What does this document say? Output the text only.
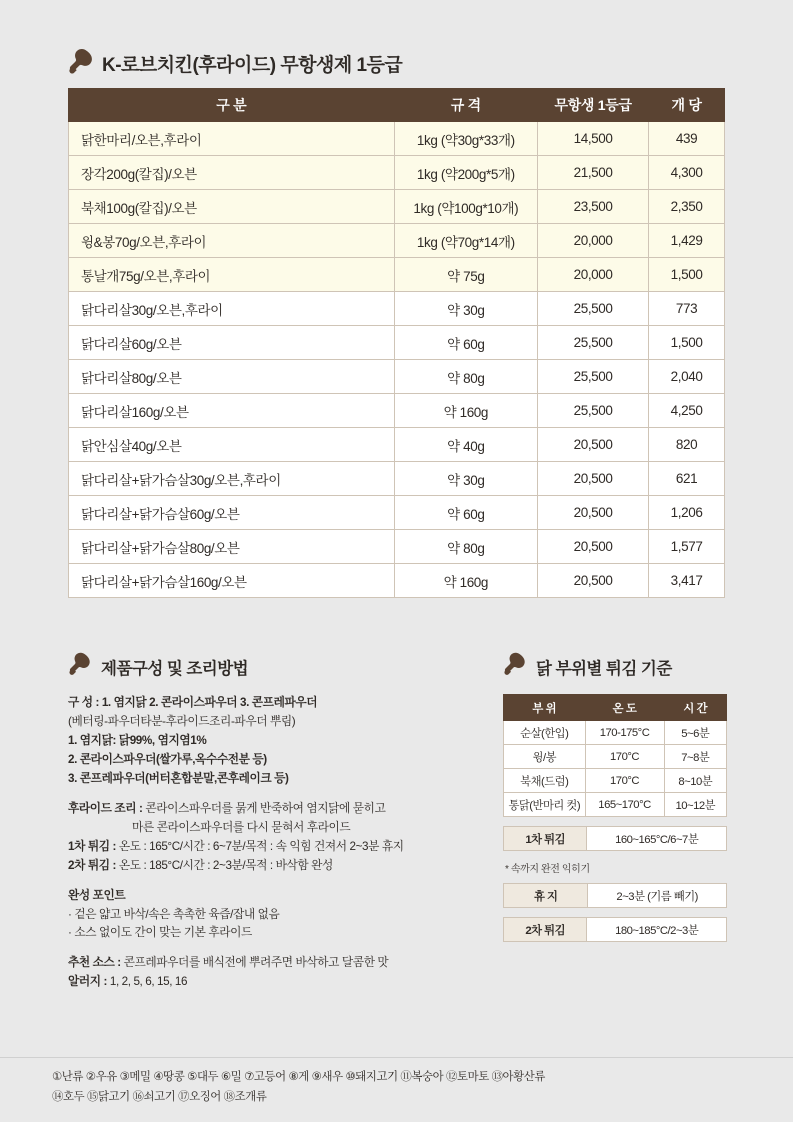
K-로브치킨(후라이드) 무항생제 1등급
구 분	규 격	무항생 1등급	개 당
닭한마리/오븐,후라이	1kg (약30g*33개)	14,500	439
장각200g(칼집)/오븐	1kg (약200g*5개)	21,500	4,300
북채100g(칼집)/오븐	1kg (약100g*10개)	23,500	2,350
윙&봉70g/오븐,후라이	1kg (약70g*14개)	20,000	1,429
통날개75g/오븐,후라이	약 75g	20,000	1,500
닭다리살30g/오븐,후라이	약 30g	25,500	773
닭다리살60g/오븐	약 60g	25,500	1,500
닭다리살80g/오븐	약 80g	25,500	2,040
닭다리살160g/오븐	약 160g	25,500	4,250
닭안심살40g/오븐	약 40g	20,500	820
닭다리살+닭가슴살30g/오븐,후라이	약 30g	20,500	621
닭다리살+닭가슴살60g/오븐	약 60g	20,500	1,206
닭다리살+닭가슴살80g/오븐	약 80g	20,500	1,577
닭다리살+닭가슴살160g/오븐	약 160g	20,500	3,417
제품구성 및 조리방법

구 성 : 1. 염지닭 2. 콘라이스파우더 3. 콘프레파우더

(베터링-파우더타분-후라이드조리-파우더 뿌림)

1. 염지닭: 닭99%, 염지염1%

2. 콘라이스파우더(쌀가루,옥수수전분 등)

3. 콘프레파우더(버터혼합분말,콘후레이크 등)

후라이드 조리 : 콘라이스파우더를 묽게 반죽하여 염지닭에 묻히고

마른 콘라이스파우더를 다시 묻혀서 후라이드

1차 튀김 : 온도 : 165°C/시간 : 6~7분/목적 : 속 익힘 건져서 2~3분 휴지

2차 튀김 : 온도 : 185°C/시간 : 2~3분/목적 : 바삭함 완성

완성 포인트

· 겉은 얇고 바삭/속은 촉촉한 육즙/잡내 없음

· 소스 없이도 간이 맞는 기본 후라이드

추천 소스 : 콘프레파우더를 배식전에 뿌려주면 바삭하고 달콤한 맛

알러지 : 1, 2, 5, 6, 15, 16

닭 부위별 튀김 기준
부 위	온 도	시 간
순살(한입)	170-175°C	5~6분
윙/봉	170°C	7~8분
북채(드럼)	170°C	8~10분
통닭(반마리 컷)	165~170°C	10~12분
1차 튀김	160~165°C/6~7분
* 속까지 완전 익히기
휴 지	2~3분 (기름 빼기)
2차 튀김	180~185°C/2~3분
①난류 ②우유 ③메밀 ④땅콩 ⑤대두 ⑥밀 ⑦고등어 ⑧게 ⑨새우 ⑩돼지고기 ⑪복숭아 ⑫토마토 ⑬아황산류
⑭호두 ⑮닭고기 ⑯쇠고기 ⑰오징어 ⑱조개류
